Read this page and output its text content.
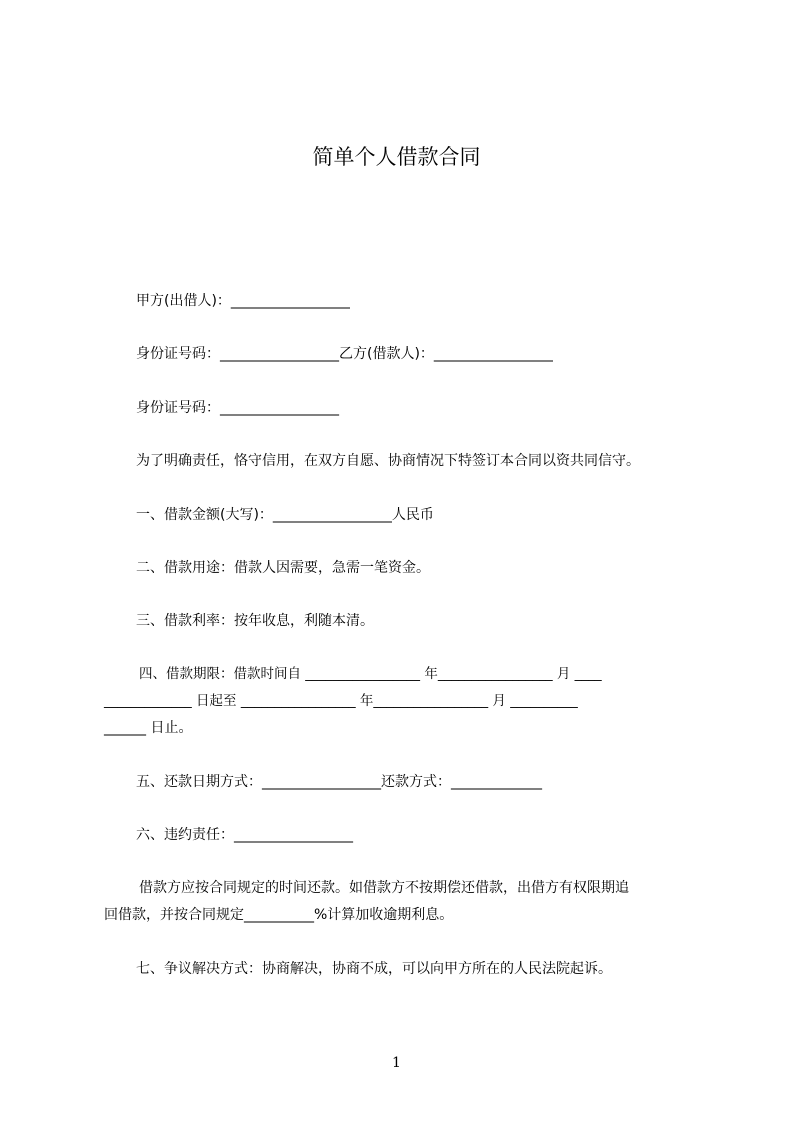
简单个人借款合同
甲方(出借人)：_________________
身份证号码：_________________乙方(借款人)：_________________
身份证号码：_________________
为了明确责任，恪守信用，在双方自愿、协商情况下特签订本合同以资共同信守。
一、借款金额(大写)：_________________人民币
二、借款用途：借款人因需要，急需一笔资金。
三、借款利率：按年收息，利随本清。
四、借款期限：借款时间自 _________________ 年_________________ 月 ____
_____________ 日起至 _________________ 年_________________ 月 __________
______ 日止。
五、还款日期方式：_________________还款方式：_____________
六、违约责任：_________________
借款方应按合同规定的时间还款。如借款方不按期偿还借款，出借方有权限期追
回借款，并按合同规定__________%计算加收逾期利息。
七、争议解决方式：协商解决，协商不成，可以向甲方所在的人民法院起诉。
1
